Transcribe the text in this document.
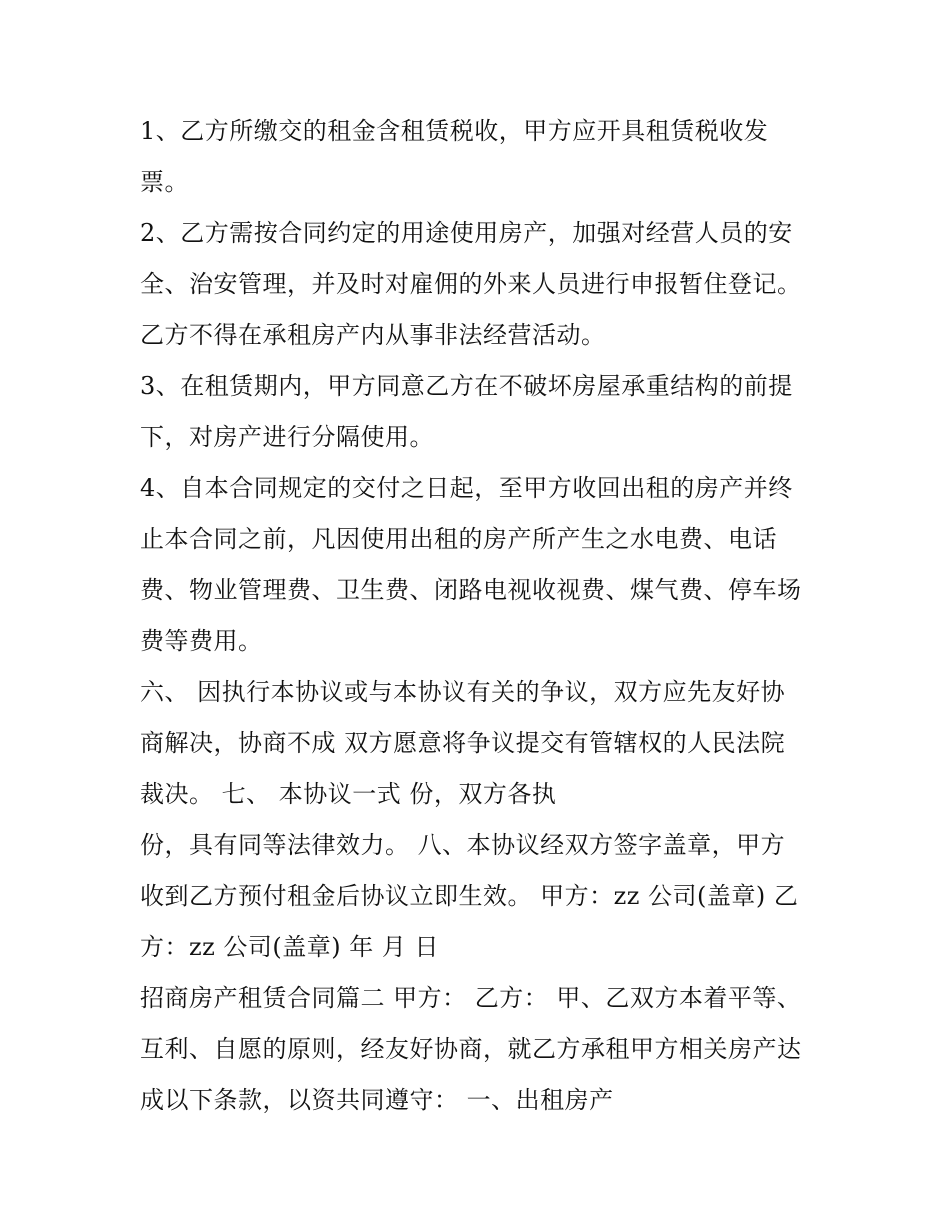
1、乙方所缴交的租金含租赁税收，甲方应开具租赁税收发
票。
2、乙方需按合同约定的用途使用房产，加强对经营人员的安
全、治安管理，并及时对雇佣的外来人员进行申报暂住登记。
乙方不得在承租房产内从事非法经营活动。
3、在租赁期内，甲方同意乙方在不破坏房屋承重结构的前提
下，对房产进行分隔使用。
4、自本合同规定的交付之日起，至甲方收回出租的房产并终
止本合同之前，凡因使用出租的房产所产生之水电费、电话
费、物业管理费、卫生费、闭路电视收视费、煤气费、停车场
费等费用。
六、 因执行本协议或与本协议有关的争议，双方应先友好协
商解决，协商不成 双方愿意将争议提交有管辖权的人民法院
裁决。 七、 本协议一式 份，双方各执
份，具有同等法律效力。 八、本协议经双方签字盖章，甲方
收到乙方预付租金后协议立即生效。 甲方：zz 公司(盖章) 乙
方：zz 公司(盖章) 年 月 日
招商房产租赁合同篇二 甲方： 乙方： 甲、乙双方本着平等、
互利、自愿的原则，经友好协商，就乙方承租甲方相关房产达
成以下条款，以资共同遵守： 一、出租房产
